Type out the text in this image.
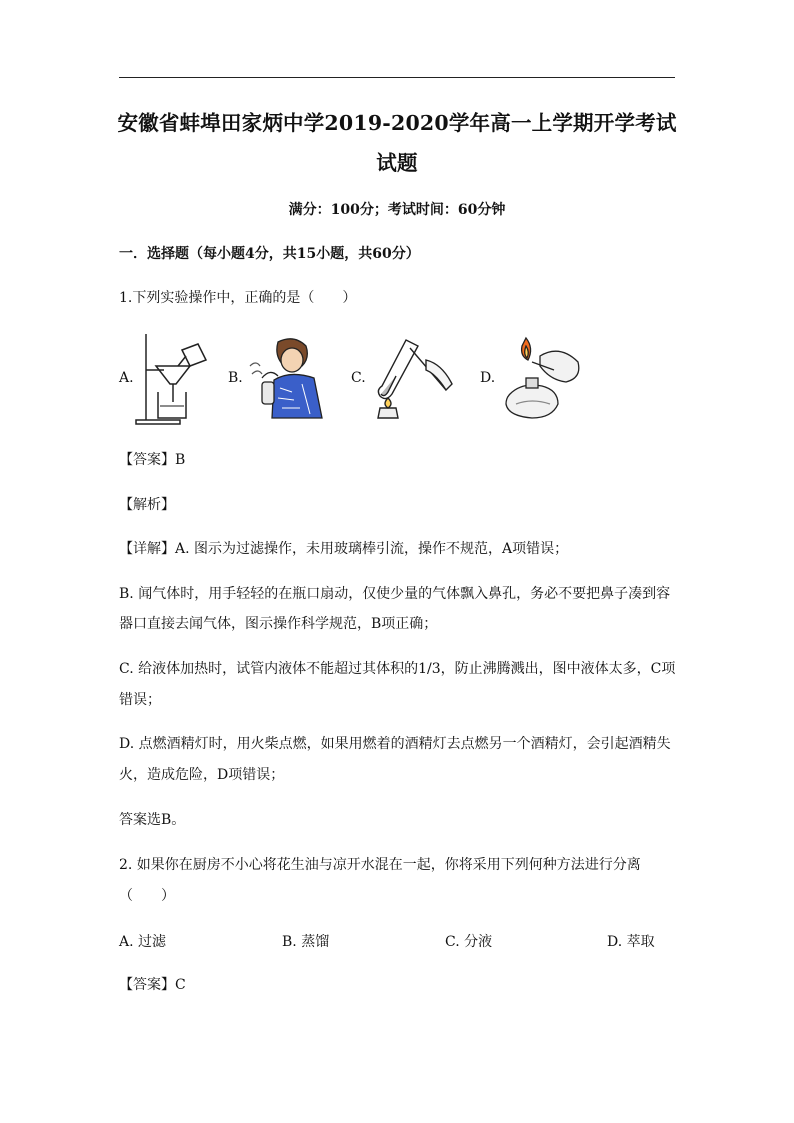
安徽省蚌埠田家炳中学2019-2020学年高一上学期开学考试
试题
满分：100分；考试时间：60分钟
一．选择题（每小题4分，共15小题，共60分）
1.下列实验操作中，正确的是（　　）
A.	B.	C.	D.
【答案】B
【解析】
【详解】A. 图示为过滤操作，未用玻璃棒引流，操作不规范，A项错误；
B. 闻气体时，用手轻轻的在瓶口扇动，仅使少量的气体飘入鼻孔，务必不要把鼻子凑到容
器口直接去闻气体，图示操作科学规范，B项正确；
C. 给液体加热时，试管内液体不能超过其体积的1/3，防止沸腾溅出，图中液体太多，C项
错误；
D. 点燃酒精灯时，用火柴点燃，如果用燃着的酒精灯去点燃另一个酒精灯，会引起酒精失
火，造成危险，D项错误；
答案选B。
2. 如果你在厨房不小心将花生油与凉开水混在一起，你将采用下列何种方法进行分离
（　　）
A. 过滤	B. 蒸馏	C. 分液	D. 萃取
【答案】C
